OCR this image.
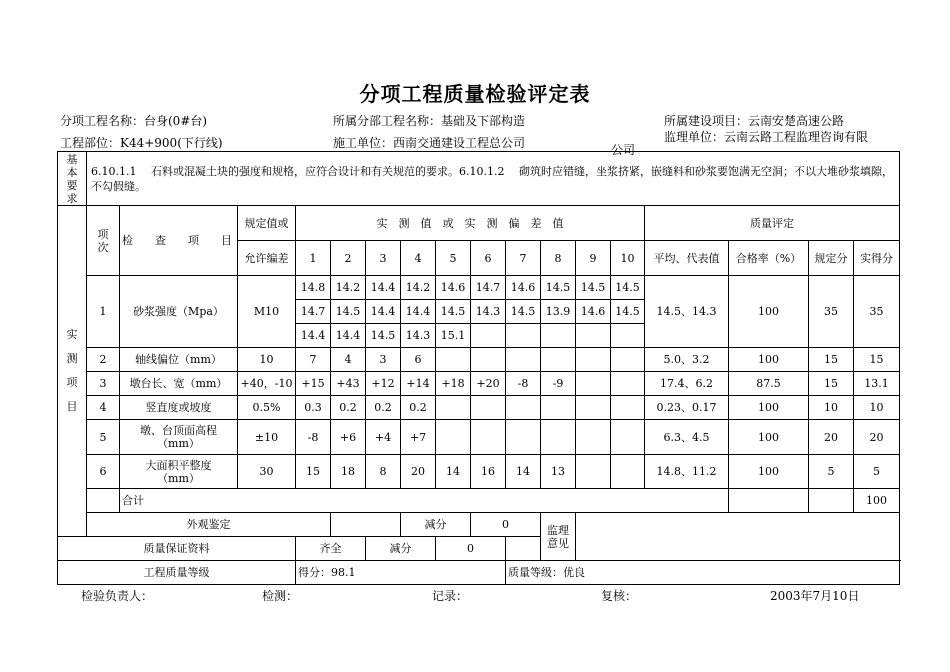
分项工程质量检验评定表
分项工程名称：台身(0#台)	所属分部工程名称：基础及下部构造	所属建设项目：云南安楚高速公路
工程部位：K44+900(下行线)	施工单位：西南交通建设工程总公司	监理单位：云南云路工程监理咨询有限
公司
基　　本
要　求	6.10.1.1　 石料或混凝土块的强度和规格，应符合设计和有关规范的要求。6.10.1.2　 砌筑时应错缝，坐浆挤紧，嵌缝料和砂浆要饱满无空洞；不以大堆砂浆填隙，不勾假缝。																	

实测项目	项次	检　　查　　项　　目	规定值或	实　测　值　或　实　测　偏　差　值										质量评定				
			允许编差	1	2	3	4	5	6	7	8	9	10	平均、代表值	合格率（%）	规定分	实得分	
	1	砂浆强度（Mpa）	M10	14.8	14.2	14.4	14.2	14.6	14.7	14.6	14.5	14.5	14.5	14.5、14.3	100	35	35	
				14.7	14.5	14.4	14.4	14.5	14.3	14.5	13.9	14.6	14.5					
				14.4	14.4	14.5	14.3	15.1										
	2	轴线偏位（mm）	10	7	4	3	6							5.0、3.2	100	15	15	
	3	墩台长、宽（mm）	+40，-10	+15	+43	+12	+14	+18	+20	-8	-9			17.4、6.2	87.5	15	13.1	
	4	竖直度或坡度	0.5%	0.3	0.2	0.2	0.2							0.23、0.17	100	10	10	
	5	墩、台顶面高程
（mm）	±10	-8	+6	+4	+7							6.3、4.5	100	20	20	
	6	大面积平整度
（mm）	30	15	18	8	20	14	16	14	13			14.8、11.2	100	5	5	
		合计															100	
	外观鉴定						减分		0		监理
意见							

质量保证资料				齐全		减分		0										
工程质量等级				得分：98.1						质量等级：优良								
检验负责人：	检测：	记录：	复核：	2003年7月10日
